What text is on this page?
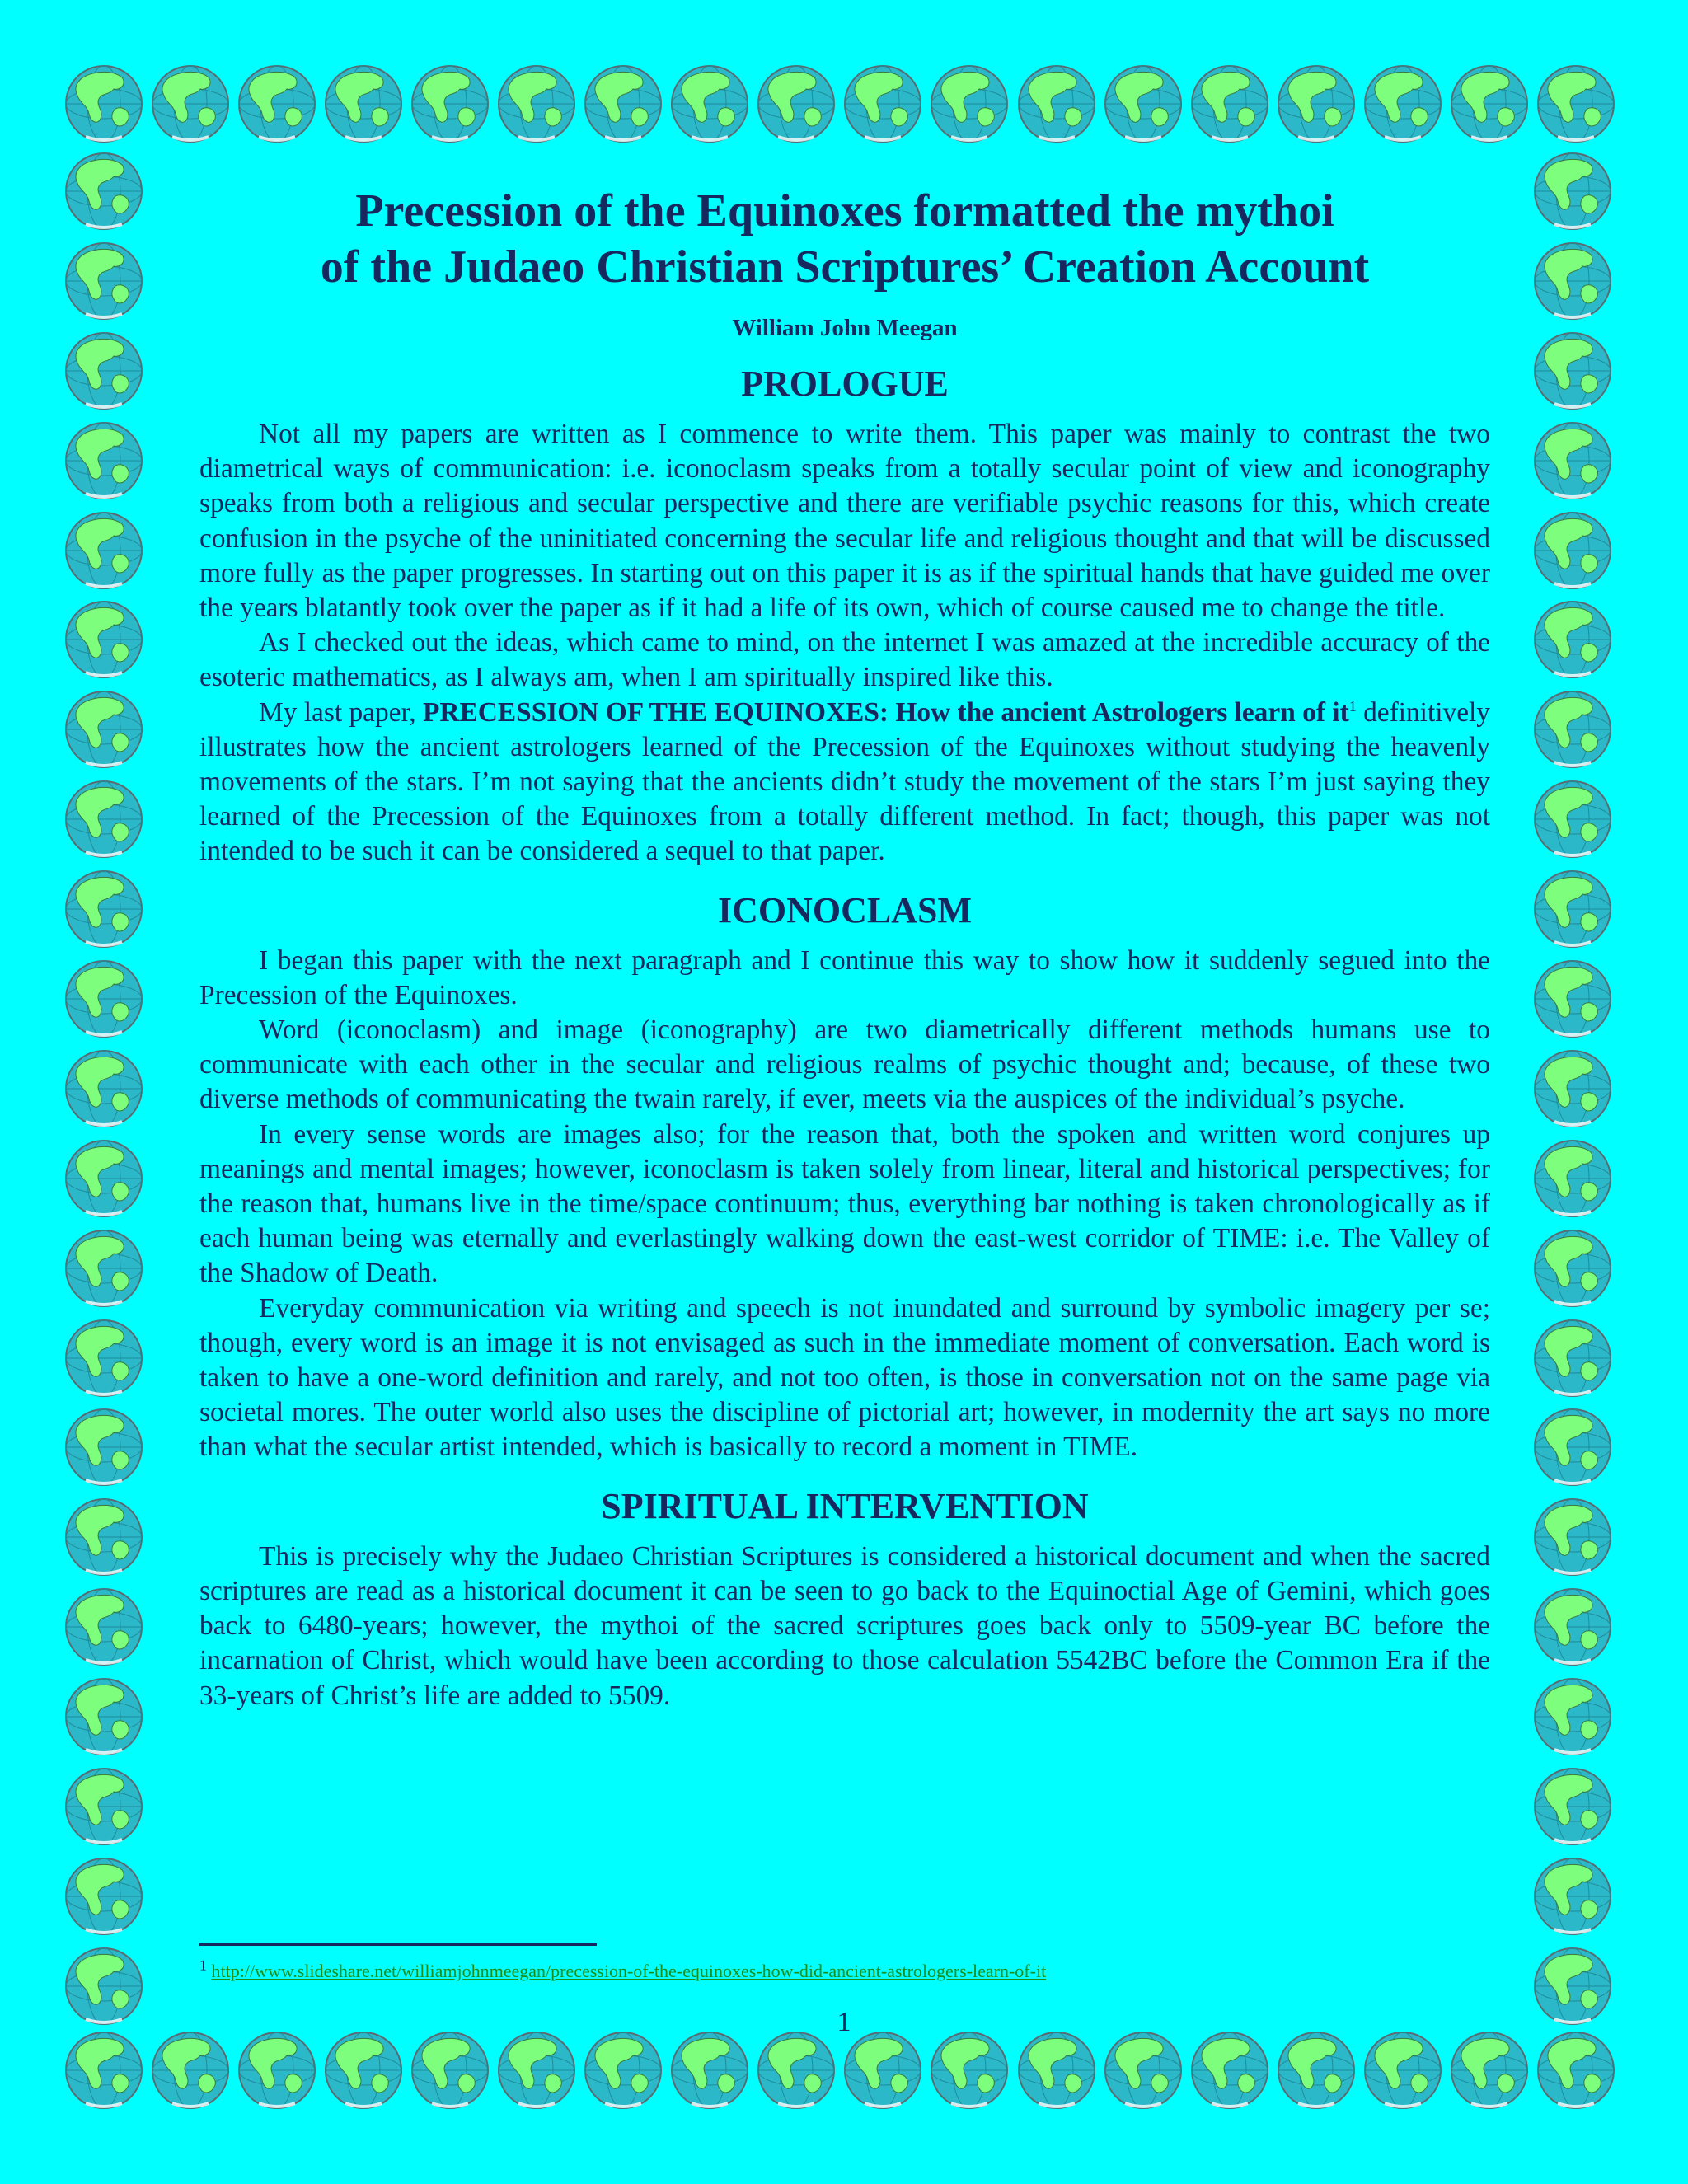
Precession of the Equinoxes formatted the mythoi
of the Judaeo Christian Scriptures’ Creation Account
William John Meegan
PROLOGUE

Not all my papers are written as I commence to write them. This paper was mainly to contrast the two diametrical ways of communication: i.e. iconoclasm speaks from a totally secular point of view and iconography speaks from both a religious and secular perspective and there are verifiable psychic reasons for this, which create confusion in the psyche of the uninitiated concerning the secular life and religious thought and that will be discussed more fully as the paper progresses. In starting out on this paper it is as if the spiritual hands that have guided me over the years blatantly took over the paper as if it had a life of its own, which of course caused me to change the title.

As I checked out the ideas, which came to mind, on the internet I was amazed at the incredible accuracy of the esoteric mathematics, as I always am, when I am spiritually inspired like this.

My last paper, PRECESSION OF THE EQUINOXES: How the ancient Astrologers learn of $it^1$ definitively illustrates how the ancient astrologers learned of the Precession of the Equinoxes without studying the heavenly movements of the stars. I’m not saying that the ancients didn’t study the movement of the stars I’m just saying they learned of the Precession of the Equinoxes from a totally different method. In fact; though, this paper was not intended to be such it can be considered a sequel to that paper.

ICONOCLASM

I began this paper with the next paragraph and I continue this way to show how it suddenly segued into the Precession of the Equinoxes.

Word (iconoclasm) and image (iconography) are two diametrically different methods humans use to communicate with each other in the secular and religious realms of psychic thought and; because, of these two diverse methods of communicating the twain rarely, if ever, meets via the auspices of the individual’s psyche.

In every sense words are images also; for the reason that, both the spoken and written word conjures up meanings and mental images; however, iconoclasm is taken solely from linear, literal and historical perspectives; for the reason that, humans live in the time/space continuum; thus, everything bar nothing is taken chronologically as if each human being was eternally and everlastingly walking down the east-west corridor of TIME: i.e. The Valley of the Shadow of Death.

Everyday communication via writing and speech is not inundated and surround by symbolic imagery per se; though, every word is an image it is not envisaged as such in the immediate moment of conversation. Each word is taken to have a one-word definition and rarely, and not too often, is those in conversation not on the same page via societal mores. The outer world also uses the discipline of pictorial art; however, in modernity the art says no more than what the secular artist intended, which is basically to record a moment in TIME.

SPIRITUAL INTERVENTION

This is precisely why the Judaeo Christian Scriptures is considered a historical document and when the sacred scriptures are read as a historical document it can be seen to go back to the Equinoctial Age of Gemini, which goes back to 6480-years; however, the mythoi of the sacred scriptures goes back only to 5509-year BC before the incarnation of Christ, which would have been according to those calculation 5542BC before the Common Era if the 33-years of Christ’s life are added to 5509.

$^1$ http://www.slideshare.net/williamjohnmeegan/precession-of-the-equinoxes-how-did-ancient-astrologers-learn-of-it
1
